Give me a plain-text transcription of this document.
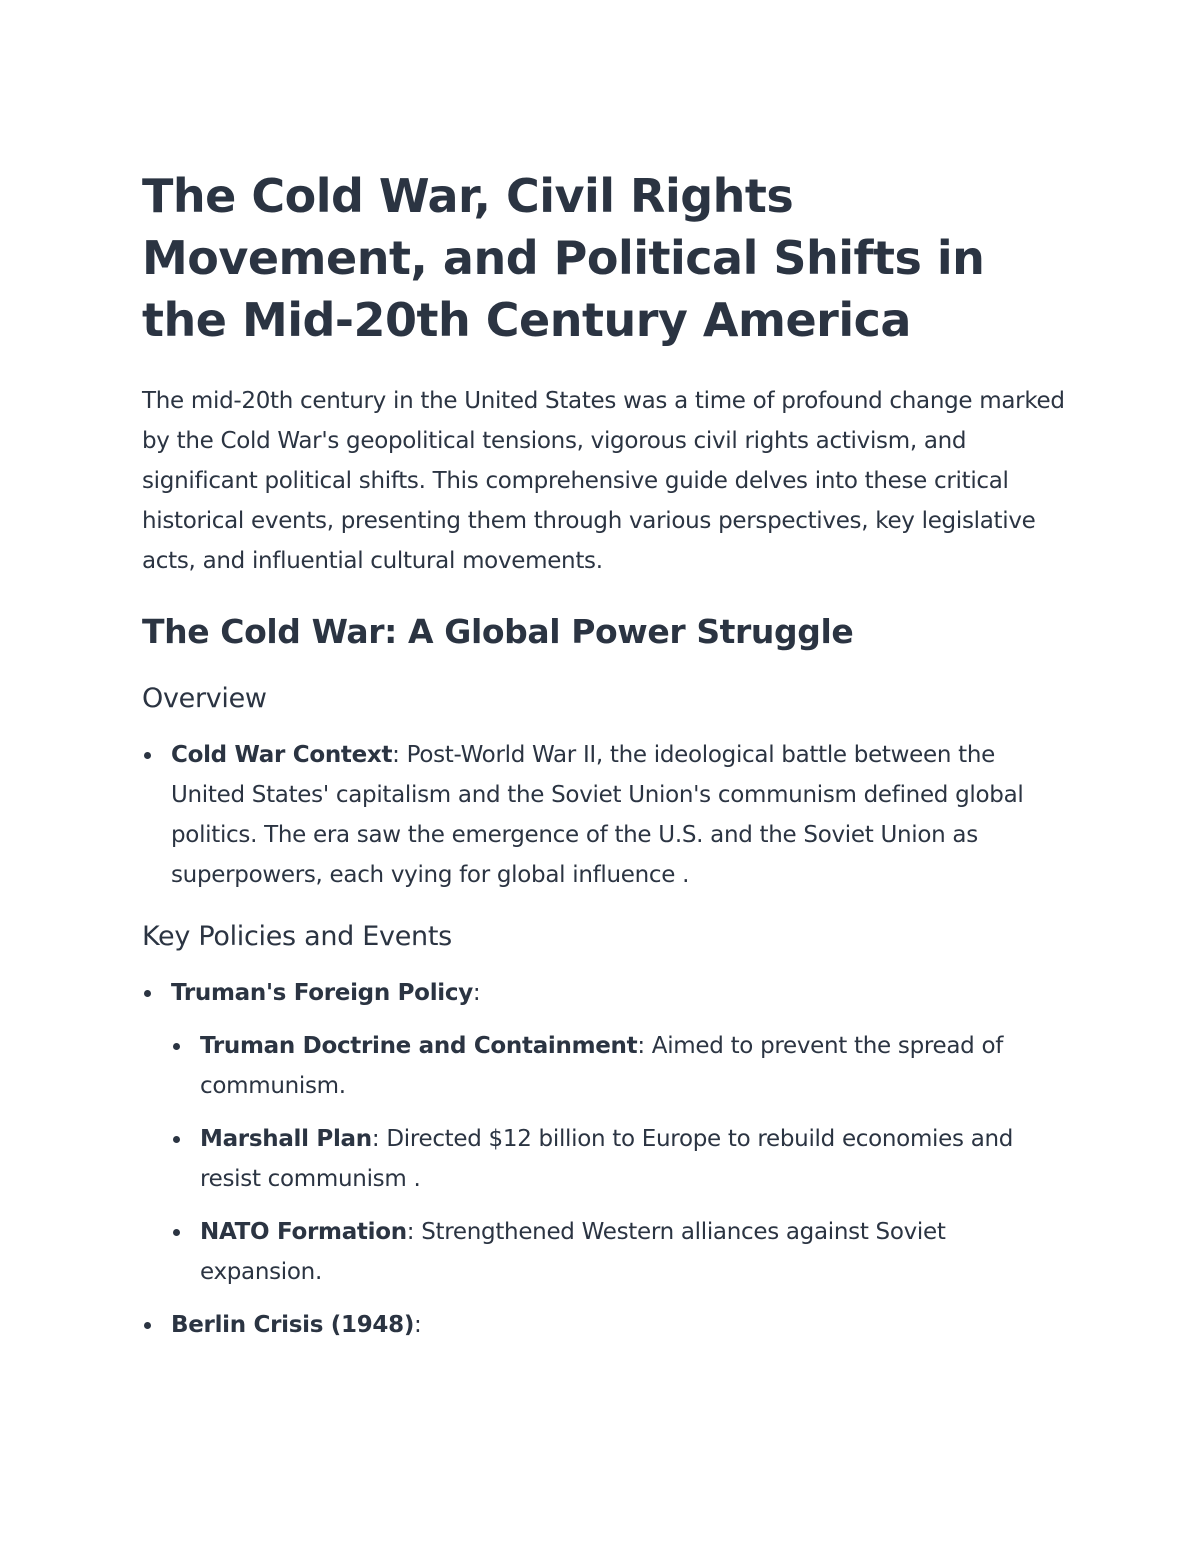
The Cold War, Civil Rights Movement, and Political Shifts in the Mid-20th Century America

The mid-20th century in the United States was a time of profound change marked by the Cold War's geopolitical tensions, vigorous civil rights activism, and significant political shifts. This comprehensive guide delves into these critical historical events, presenting them through various perspectives, key legislative acts, and influential cultural movements.

The Cold War: A Global Power Struggle
Overview
Cold War Context: Post-World War II, the ideological battle between the United States' capitalism and the Soviet Union's communism defined global politics. The era saw the emergence of the U.S. and the Soviet Union as superpowers, each vying for global influence .
Key Policies and Events
Truman's Foreign Policy:
Truman Doctrine and Containment: Aimed to prevent the spread of communism.
Marshall Plan: Directed $12 billion to Europe to rebuild economies and resist communism .
NATO Formation: Strengthened Western alliances against Soviet expansion.
Berlin Crisis (1948):
